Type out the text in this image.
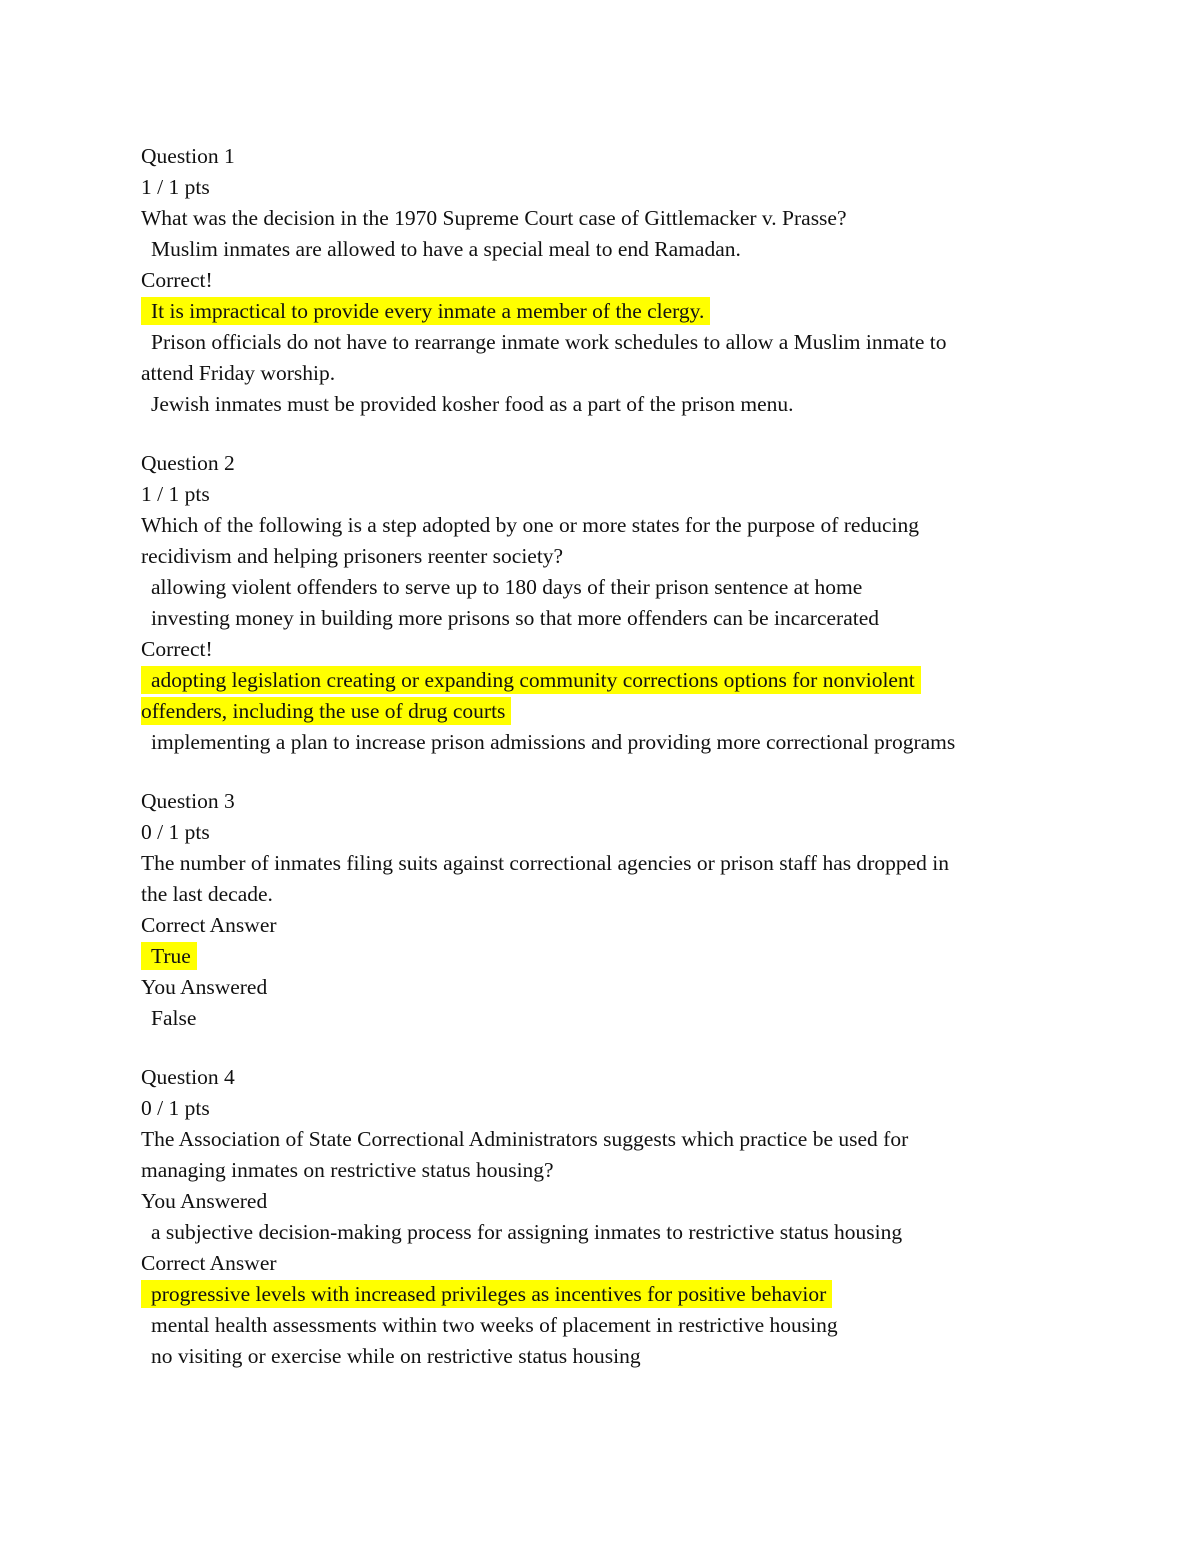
Question 1
1 / 1 pts
What was the decision in the 1970 Supreme Court case of Gittlemacker v. Prasse?
Muslim inmates are allowed to have a special meal to end Ramadan.
Correct!
It is impractical to provide every inmate a member of the clergy.
Prison officials do not have to rearrange inmate work schedules to allow a Muslim inmate to
attend Friday worship.
Jewish inmates must be provided kosher food as a part of the prison menu.
Question 2
1 / 1 pts
Which of the following is a step adopted by one or more states for the purpose of reducing
recidivism and helping prisoners reenter society?
allowing violent offenders to serve up to 180 days of their prison sentence at home
investing money in building more prisons so that more offenders can be incarcerated
Correct!
adopting legislation creating or expanding community corrections options for nonviolent
offenders, including the use of drug courts
implementing a plan to increase prison admissions and providing more correctional programs
Question 3
0 / 1 pts
The number of inmates filing suits against correctional agencies or prison staff has dropped in
the last decade.
Correct Answer
True
You Answered
False
Question 4
0 / 1 pts
The Association of State Correctional Administrators suggests which practice be used for
managing inmates on restrictive status housing?
You Answered
a subjective decision-making process for assigning inmates to restrictive status housing
Correct Answer
progressive levels with increased privileges as incentives for positive behavior
mental health assessments within two weeks of placement in restrictive housing
no visiting or exercise while on restrictive status housing
